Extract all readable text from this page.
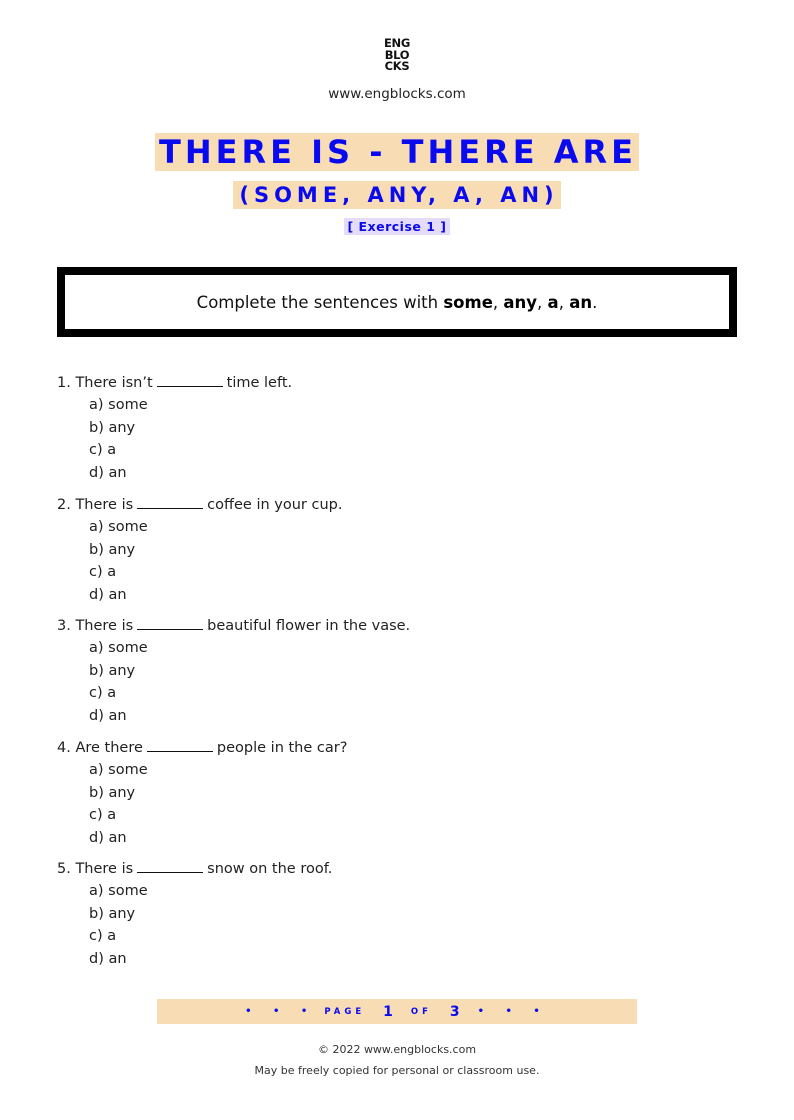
ENG
BLO
CKS
www.engblocks.com
THERE IS - THERE ARE
(SOME, ANY, A, AN)
[ Exercise 1 ]
Complete the sentences with some, any, a, an.
1. There isn’t	time left.
a) some
b) any
c) a
d) an
2. There is	coffee in your cup.
a) some
b) any
c) a
d) an
3. There is	beautiful flower in the vase.
a) some
b) any
c) a
d) an
4. Are there	people in the car?
a) some
b) any
c) a
d) an
5. There is	snow on the roof.
a) some
b) any
c) a
d) an
• • • PAGE 1 OF 3 • • •
© 2022 www.engblocks.com
May be freely copied for personal or classroom use.
